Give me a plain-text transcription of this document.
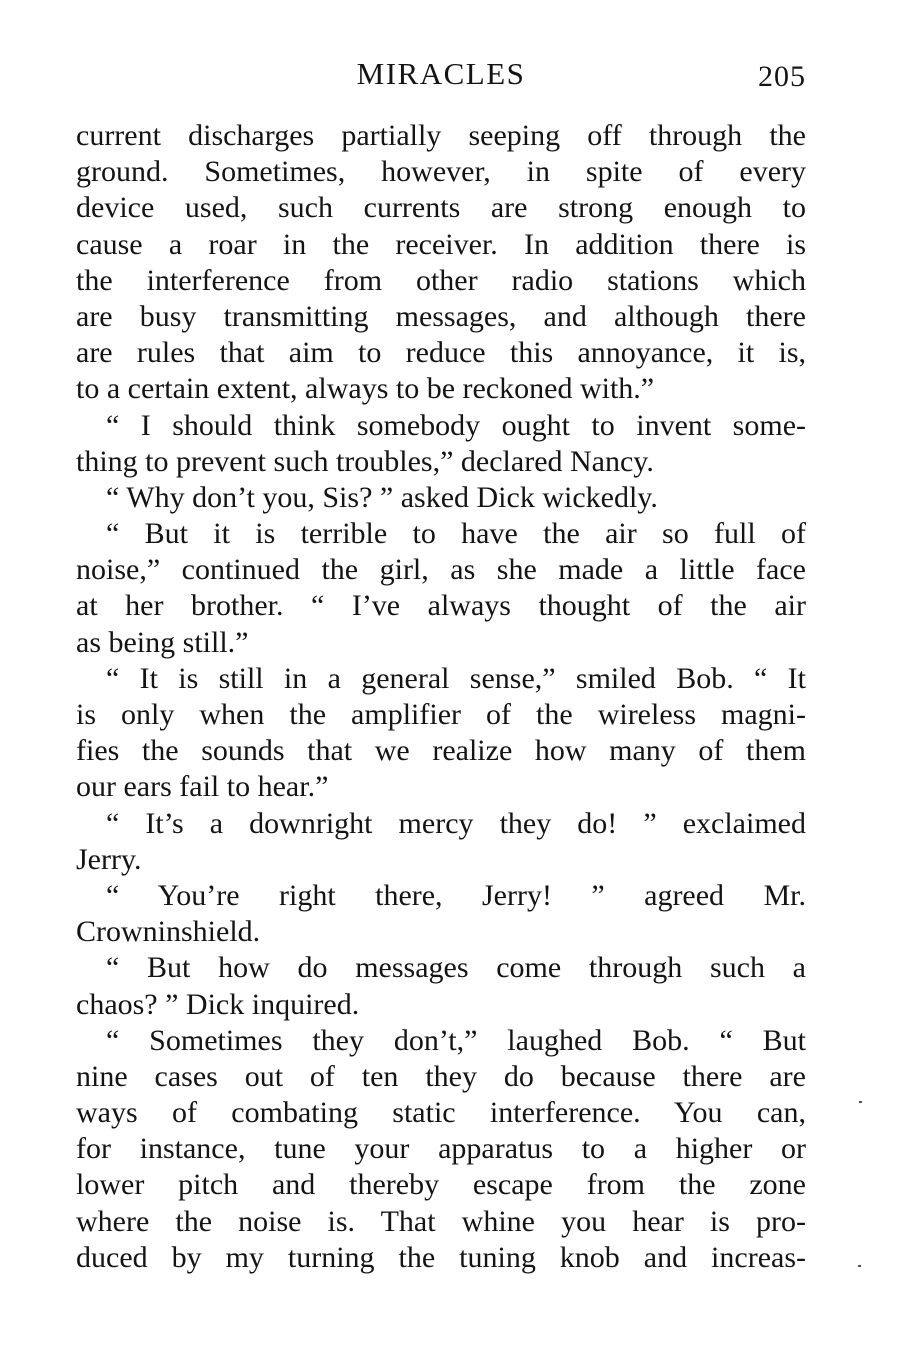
MIRACLES	205
current discharges partially seeping off through the
ground. Sometimes, however, in spite of every
device used, such currents are strong enough to
cause a roar in the receiver. In addition there is
the interference from other radio stations which
are busy transmitting messages, and although there
are rules that aim to reduce this annoyance, it is,
to a certain extent, always to be reckoned with.”
“ I should think somebody ought to invent some-
thing to prevent such troubles,” declared Nancy.
“ Why don’t you, Sis? ” asked Dick wickedly.
“ But it is terrible to have the air so full of
noise,” continued the girl, as she made a little face
at her brother. “ I’ve always thought of the air
as being still.”
“ It is still in a general sense,” smiled Bob. “ It
is only when the amplifier of the wireless magni-
fies the sounds that we realize how many of them
our ears fail to hear.”
“ It’s a downright mercy they do! ” exclaimed
Jerry.
“ You’re right there, Jerry! ” agreed Mr.
Crowninshield.
“ But how do messages come through such a
chaos? ” Dick inquired.
“ Sometimes they don’t,” laughed Bob. “ But
nine cases out of ten they do because there are
ways of combating static interference. You can,
for instance, tune your apparatus to a higher or
lower pitch and thereby escape from the zone
where the noise is. That whine you hear is pro-
duced by my turning the tuning knob and increas-
